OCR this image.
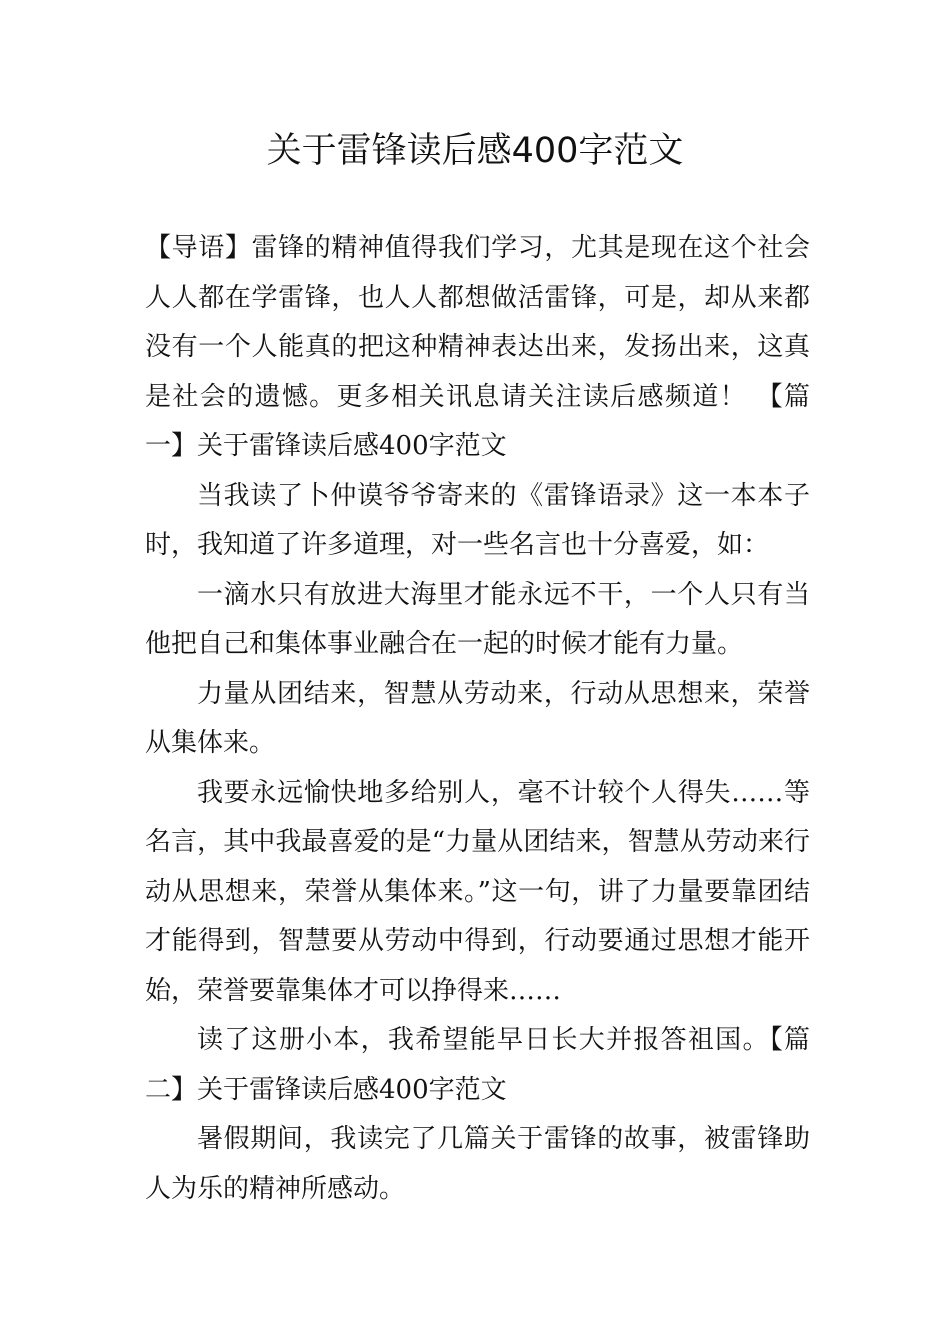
关于雷锋读后感400字范文

【导语】雷锋的精神值得我们学习，尤其是现在这个社会人人都在学雷锋，也人人都想做活雷锋，可是，却从来都没有一个人能真的把这种精神表达出来，发扬出来，这真是社会的遗憾。更多相关讯息请关注读后感频道！ 【篇一】关于雷锋读后感400字范文

当我读了卜仲谟爷爷寄来的《雷锋语录》这一本本子时，我知道了许多道理，对一些名言也十分喜爱，如：

一滴水只有放进大海里才能永远不干，一个人只有当他把自己和集体事业融合在一起的时候才能有力量。

力量从团结来，智慧从劳动来，行动从思想来，荣誉从集体来。

我要永远愉快地多给别人，毫不计较个人得失……等名言，其中我最喜爱的是“力量从团结来，智慧从劳动来行动从思想来，荣誉从集体来。”这一句，讲了力量要靠团结才能得到，智慧要从劳动中得到，行动要通过思想才能开始，荣誉要靠集体才可以挣得来……

读了这册小本，我希望能早日长大并报答祖国。【篇二】关于雷锋读后感400字范文

暑假期间，我读完了几篇关于雷锋的故事，被雷锋助人为乐的精神所感动。
